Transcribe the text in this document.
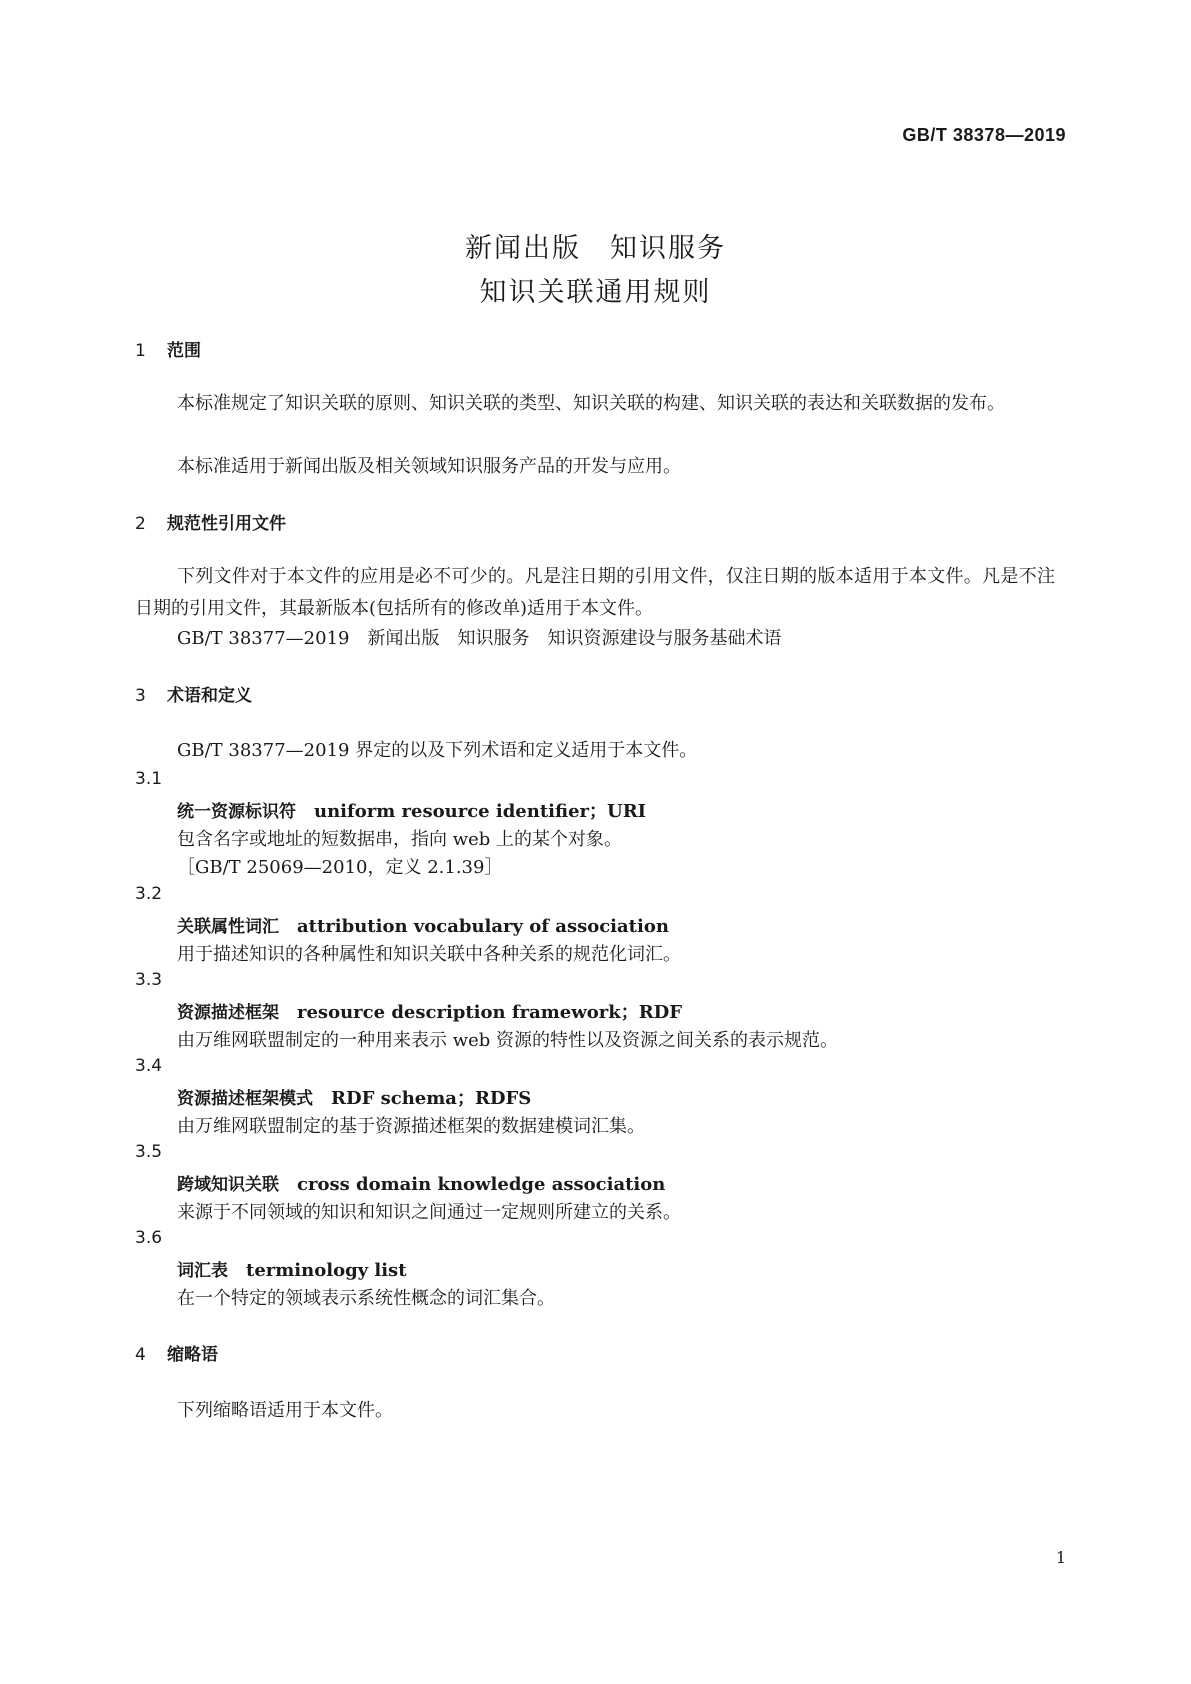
GB/T 38378—2019
新闻出版　知识服务
知识关联通用规则
1 范围
本标准规定了知识关联的原则、知识关联的类型、知识关联的构建、知识关联的表达和关联数据的发布。
本标准适用于新闻出版及相关领域知识服务产品的开发与应用。
2 规范性引用文件
下列文件对于本文件的应用是必不可少的。凡是注日期的引用文件，仅注日期的版本适用于本文件。凡是不注日期的引用文件，其最新版本(包括所有的修改单)适用于本文件。
GB/T 38377—2019　新闻出版　知识服务　知识资源建设与服务基础术语
3 术语和定义
GB/T 38377—2019 界定的以及下列术语和定义适用于本文件。
3.1
统一资源标识符 uniform resource identifier；URI
包含名字或地址的短数据串，指向 web 上的某个对象。
［GB/T 25069—2010，定义 2.1.39］
3.2
关联属性词汇 attribution vocabulary of association
用于描述知识的各种属性和知识关联中各种关系的规范化词汇。
3.3
资源描述框架 resource description framework；RDF
由万维网联盟制定的一种用来表示 web 资源的特性以及资源之间关系的表示规范。
3.4
资源描述框架模式 RDF schema；RDFS
由万维网联盟制定的基于资源描述框架的数据建模词汇集。
3.5
跨域知识关联 cross domain knowledge association
来源于不同领域的知识和知识之间通过一定规则所建立的关系。
3.6
词汇表 terminology list
在一个特定的领域表示系统性概念的词汇集合。
4 缩略语
下列缩略语适用于本文件。
1
